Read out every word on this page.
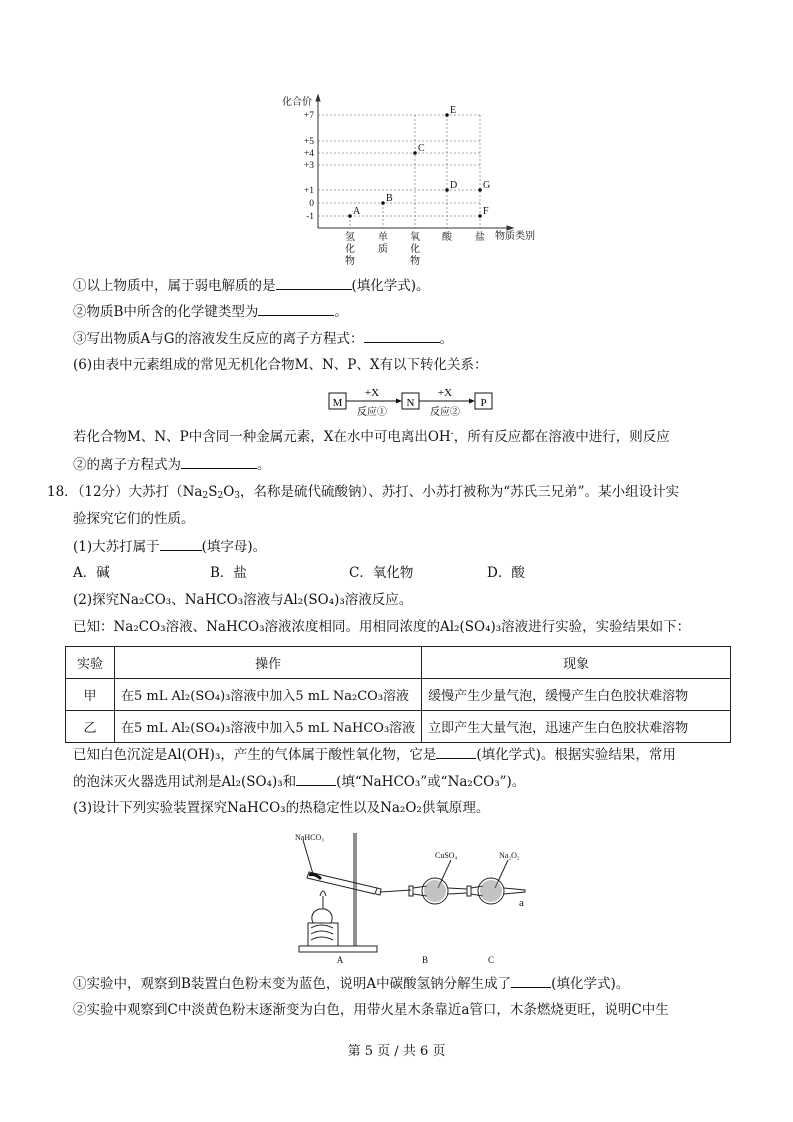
+7
+5
+4
+3
+1
0
-1
化合价
物质类别
氢
化
物
单
质
氧
化
物
酸 盐
A
B
C
D
E
F
G
①以上物质中，属于弱电解质的是	(填化学式)。
②物质B中所含的化学键类型为	。
③写出物质A与G的溶液发生反应的离子方程式：	。
(6)由表中元素组成的常见无机化合物M、N、P、X有以下转化关系：
M	N	P
+X	+X
反应①	反应②
若化合物M、N、P中含同一种金属元素，X在水中可电离出OH-，所有反应都在溶液中进行，则反应
②的离子方程式为	。
18．（12分）大苏打（$Na_2S_2O_3$，名称是硫代硫酸钠）、苏打、小苏打被称为“苏氏三兄弟”。某小组设计实
验探究它们的性质。
(1)大苏打属于	(填字母)。
A．碱	B．盐	C．氧化物	D．酸
(2)探究Na₂CO₃、NaHCO₃溶液与Al₂(SO₄)₃溶液反应。
已知：Na₂CO₃溶液、NaHCO₃溶液浓度相同。用相同浓度的Al₂(SO₄)₃溶液进行实验，实验结果如下：
实验	操作	现象
甲	在5 mL Al₂(SO₄)₃溶液中加入5 mL Na₂CO₃溶液	缓慢产生少量气泡，缓慢产生白色胶状难溶物
乙	在5 mL Al₂(SO₄)₃溶液中加入5 mL NaHCO₃溶液	立即产生大量气泡，迅速产生白色胶状难溶物
已知白色沉淀是Al(OH)₃，产生的气体属于酸性氧化物，它是	(填化学式)。根据实验结果，常用
的泡沫灭火器选用试剂是Al₂(SO₄)₃和	(填“NaHCO₃”或“Na₂CO₃”)。
(3)设计下列实验装置探究NaHCO₃的热稳定性以及Na₂O₂供氧原理。
NaHCO₃
CuSO₄	Na₂O₂
a
A	B	C
①实验中，观察到B装置白色粉末变为蓝色，说明A中碳酸氢钠分解生成了	(填化学式)。
②实验中观察到C中淡黄色粉末逐渐变为白色，用带火星木条靠近a管口，木条燃烧更旺，说明C中生
第 5 页 / 共 6 页
